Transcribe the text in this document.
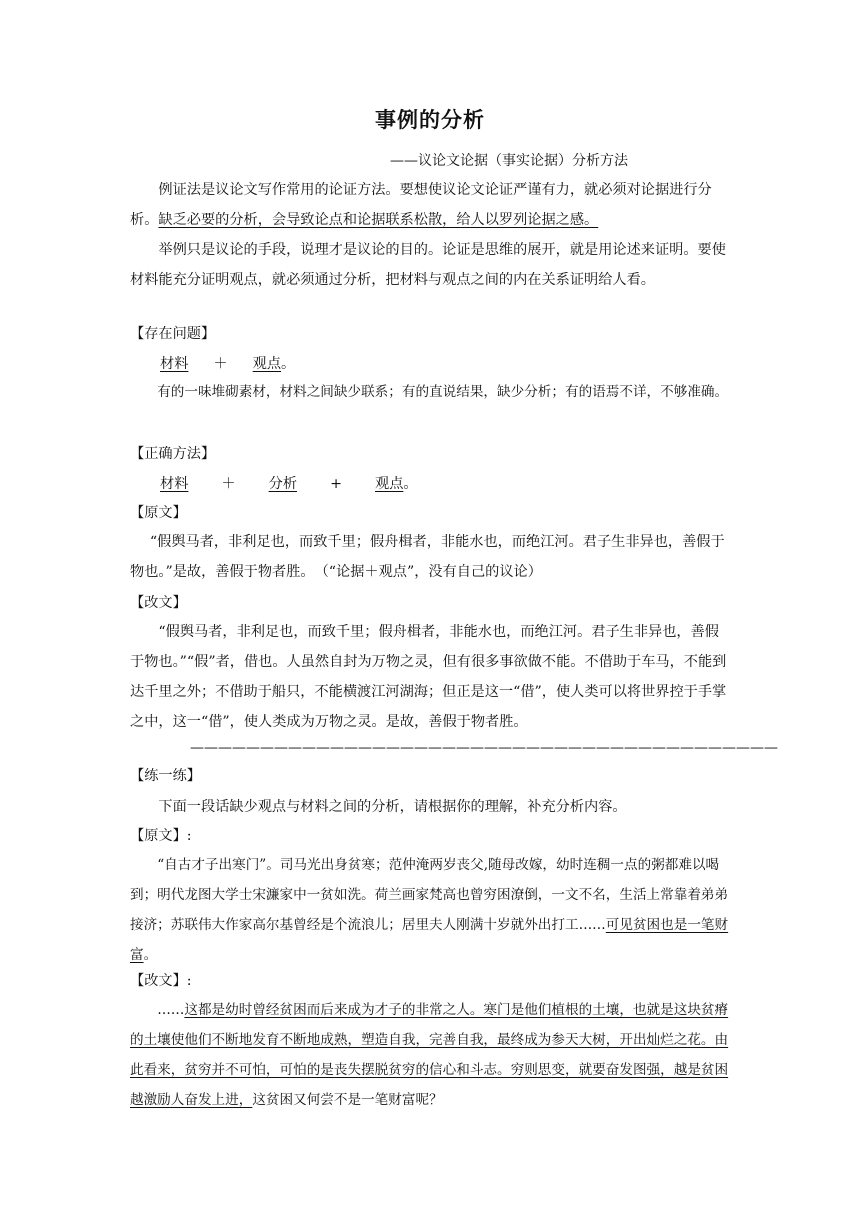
事例的分析
——议论文论据（事实论据）分析方法
例证法是议论文写作常用的论证方法。要想使议论文论证严谨有力，就必须对论据进行分析。缺乏必要的分析，会导致论点和论据联系松散，给人以罗列论据之感。
举例只是议论的手段，说理才是议论的目的。论证是思维的展开，就是用论述来证明。要使材料能充分证明观点，就必须通过分析，把材料与观点之间的内在关系证明给人看。
【存在问题】
材料 ＋ 观点。
有的一味堆砌素材，材料之间缺少联系；有的直说结果，缺少分析；有的语焉不详，不够准确。
【正确方法】
材料 ＋ 分析 + 观点。
【原文】
“假舆马者，非利足也，而致千里；假舟楫者，非能水也，而绝江河。君子生非异也，善假于物也。”是故，善假于物者胜。　（“论据＋观点”，没有自己的议论）
【改文】
“假舆马者，非利足也，而致千里；假舟楫者，非能水也，而绝江河。君子生非异也，善假于物也。”“假”者，借也。人虽然自封为万物之灵，但有很多事欲做不能。不借助于车马，不能到达千里之外；不借助于船只，不能横渡江河湖海；但正是这一“借”，使人类可以将世界控于手掌之中，这一“借”，使人类成为万物之灵。是故，善假于物者胜。
——————————————————————————————————————————
【练一练】
下面一段话缺少观点与材料之间的分析，请根据你的理解，补充分析内容。
【原文】:
“自古才子出寒门”。司马光出身贫寒；范仲淹两岁丧父,随母改嫁，幼时连稠一点的粥都难以喝到；明代龙图大学士宋濂家中一贫如洗。荷兰画家梵高也曾穷困潦倒，一文不名，生活上常靠着弟弟接济；苏联伟大作家高尔基曾经是个流浪儿；居里夫人刚满十岁就外出打工……可见贫困也是一笔财富。
【改文】:
……这都是幼时曾经贫困而后来成为才子的非常之人。寒门是他们植根的土壤，也就是这块贫瘠的土壤使他们不断地发育不断地成熟，塑造自我，完善自我，最终成为参天大树，开出灿烂之花。由此看来，贫穷并不可怕，可怕的是丧失摆脱贫穷的信心和斗志。穷则思变，就要奋发图强，越是贫困越激励人奋发上进，这贫困又何尝不是一笔财富呢？
